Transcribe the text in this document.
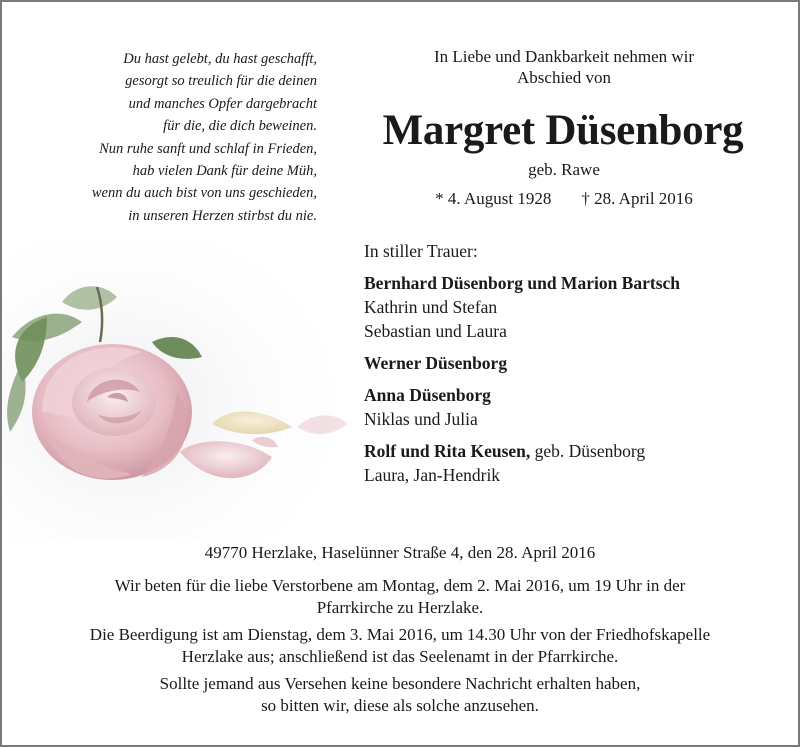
Du hast gelebt, du hast geschafft,
gesorgt so treulich für die deinen
und manches Opfer dargebracht
für die, die dich beweinen.
Nun ruhe sanft und schlaf in Frieden,
hab vielen Dank für deine Müh,
wenn du auch bist von uns geschieden,
in unseren Herzen stirbst du nie.
In Liebe und Dankbarkeit nehmen wir
Abschied von
Margret Düsenborg
geb. Rawe
* 4. August 1928 † 28. April 2016
In stiller Trauer:
Bernhard Düsenborg und Marion Bartsch
Kathrin und Stefan
Sebastian und Laura
Werner Düsenborg
Anna Düsenborg
Niklas und Julia
Rolf und Rita Keusen, geb. Düsenborg
Laura, Jan-Hendrik
49770 Herzlake, Haselünner Straße 4, den 28. April 2016

Wir beten für die liebe Verstorbene am Montag, dem 2. Mai 2016, um 19 Uhr in der
Pfarrkirche zu Herzlake.

Die Beerdigung ist am Dienstag, dem 3. Mai 2016, um 14.30 Uhr von der Friedhofskapelle
Herzlake aus; anschließend ist das Seelenamt in der Pfarrkirche.

Sollte jemand aus Versehen keine besondere Nachricht erhalten haben,
so bitten wir, diese als solche anzusehen.
